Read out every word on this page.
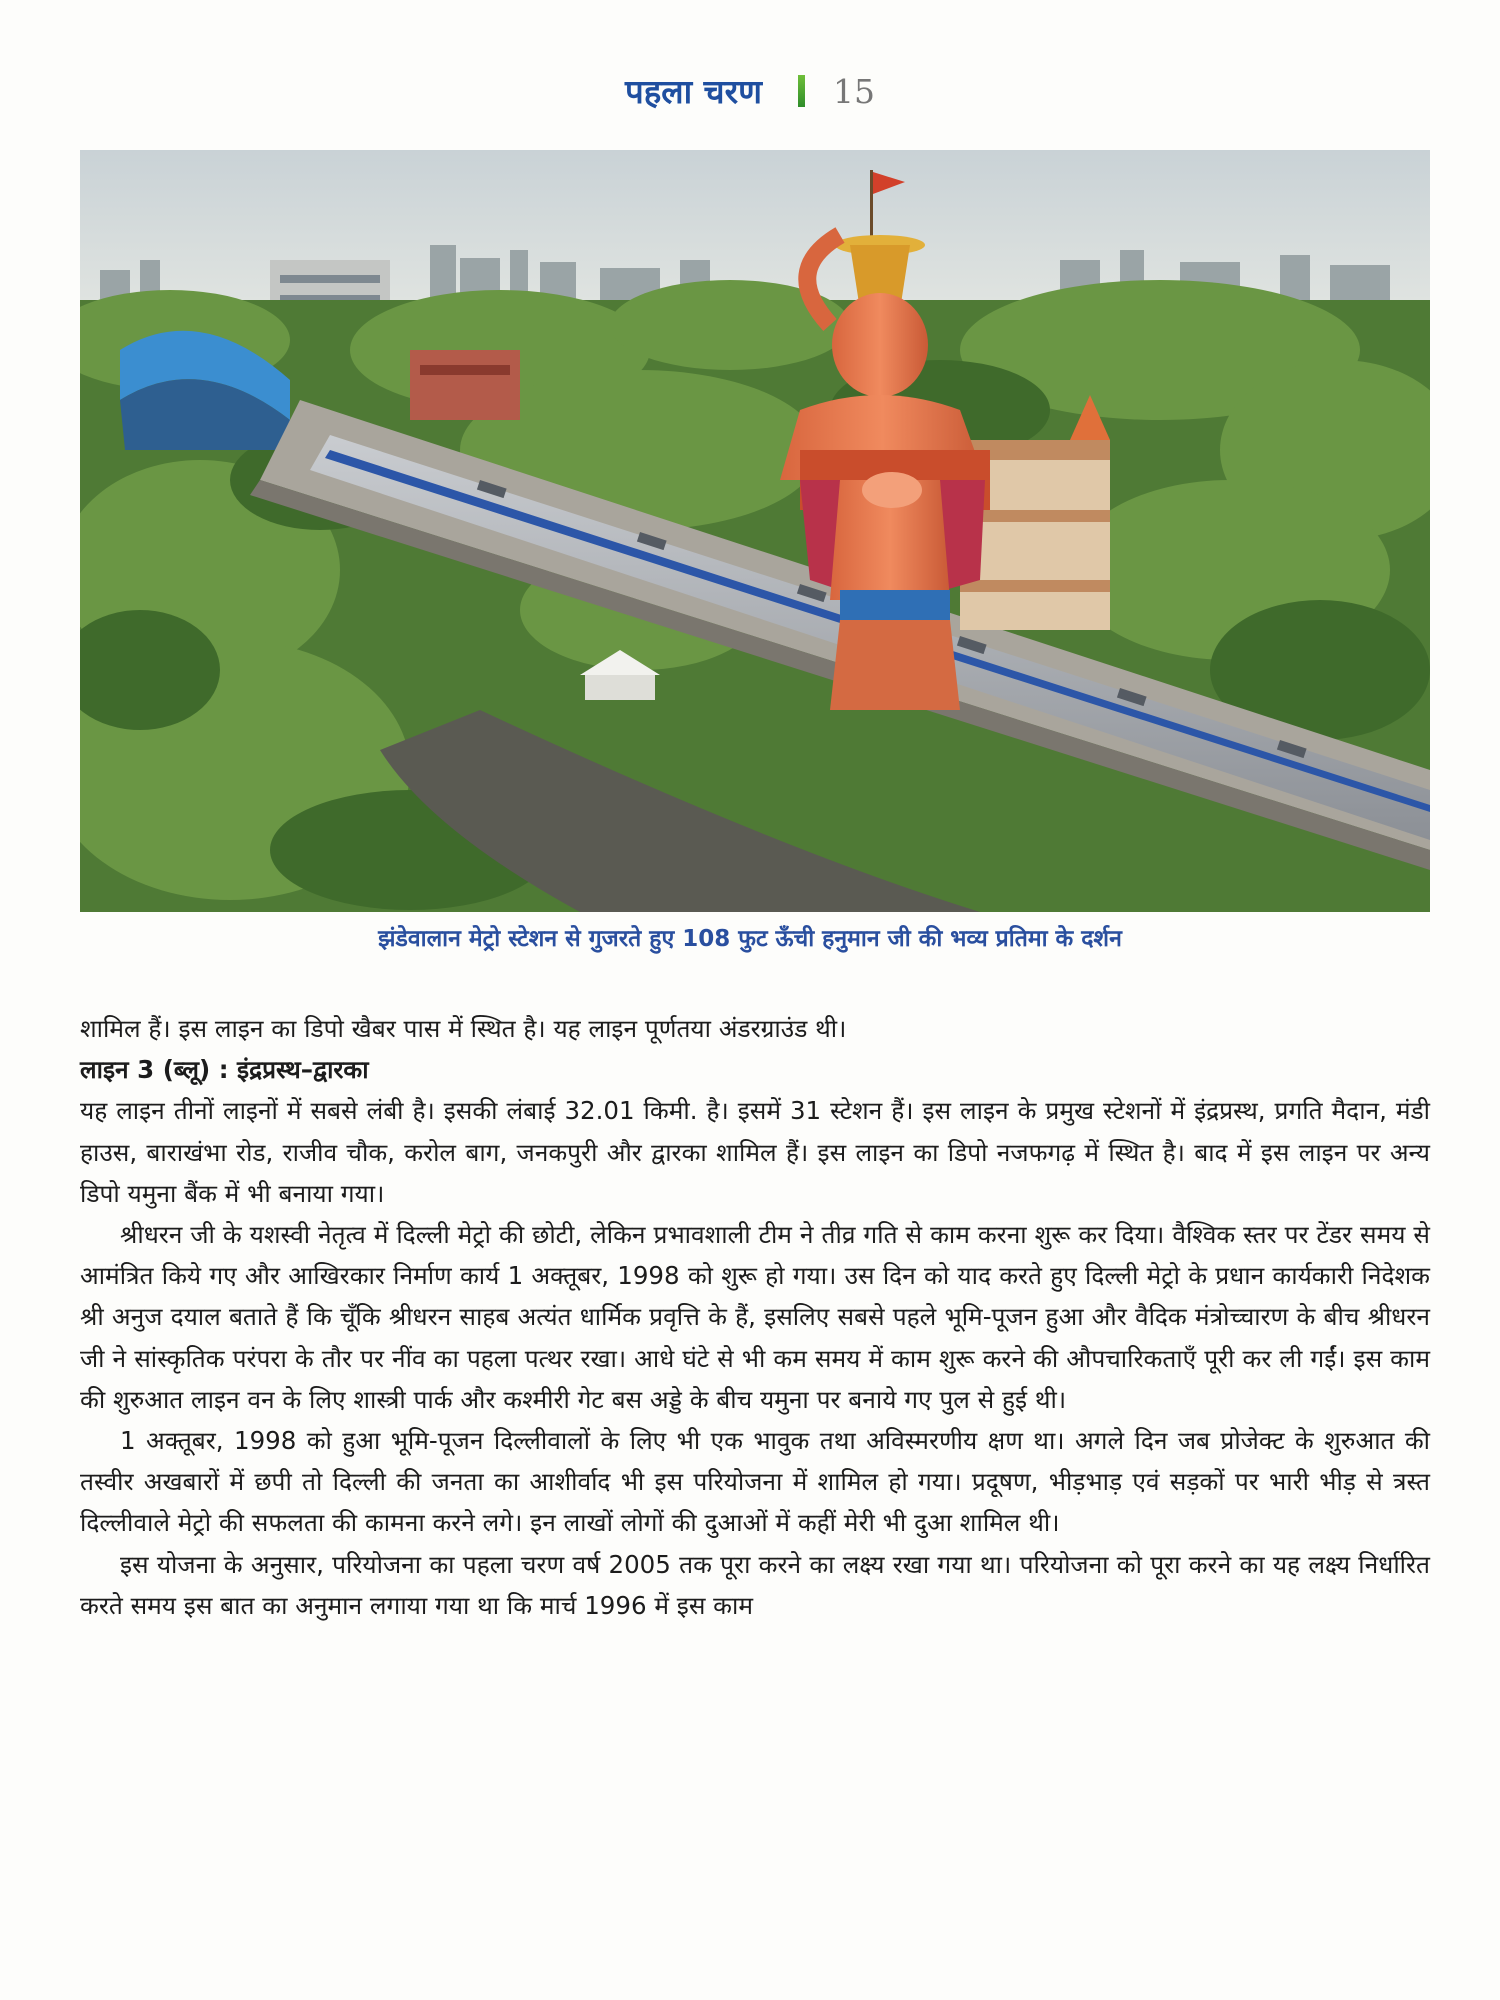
पहला चरण 15
झंडेवालान मेट्रो स्टेशन से गुजरते हुए 108 फुट ऊँची हनुमान जी की भव्य प्रतिमा के दर्शन

शामिल हैं। इस लाइन का डिपो खैबर पास में स्थित है। यह लाइन पूर्णतया अंडरग्राउंड थी।

लाइन 3 (ब्लू) : इंद्रप्रस्थ–द्वारका

यह लाइन तीनों लाइनों में सबसे लंबी है। इसकी लंबाई 32.01 किमी. है। इसमें 31 स्टेशन हैं। इस लाइन के प्रमुख स्टेशनों में इंद्रप्रस्थ, प्रगति मैदान, मंडी हाउस, बाराखंभा रोड, राजीव चौक, करोल बाग, जनकपुरी और द्वारका शामिल हैं। इस लाइन का डिपो नजफगढ़ में स्थित है। बाद में इस लाइन पर अन्य डिपो यमुना बैंक में भी बनाया गया।

श्रीधरन जी के यशस्वी नेतृत्व में दिल्ली मेट्रो की छोटी, लेकिन प्रभावशाली टीम ने तीव्र गति से काम करना शुरू कर दिया। वैश्विक स्तर पर टेंडर समय से आमंत्रित किये गए और आखिरकार निर्माण कार्य 1 अक्तूबर, 1998 को शुरू हो गया। उस दिन को याद करते हुए दिल्ली मेट्रो के प्रधान कार्यकारी निदेशक श्री अनुज दयाल बताते हैं कि चूँकि श्रीधरन साहब अत्यंत धार्मिक प्रवृत्ति के हैं, इसलिए सबसे पहले भूमि-पूजन हुआ और वैदिक मंत्रोच्चारण के बीच श्रीधरन जी ने सांस्कृतिक परंपरा के तौर पर नींव का पहला पत्थर रखा। आधे घंटे से भी कम समय में काम शुरू करने की औपचारिकताएँ पूरी कर ली गईं। इस काम की शुरुआत लाइन वन के लिए शास्त्री पार्क और कश्मीरी गेट बस अड्डे के बीच यमुना पर बनाये गए पुल से हुई थी।

1 अक्तूबर, 1998 को हुआ भूमि-पूजन दिल्लीवालों के लिए भी एक भावुक तथा अविस्मरणीय क्षण था। अगले दिन जब प्रोजेक्ट के शुरुआत की तस्वीर अखबारों में छपी तो दिल्ली की जनता का आशीर्वाद भी इस परियोजना में शामिल हो गया। प्रदूषण, भीड़भाड़ एवं सड़कों पर भारी भीड़ से त्रस्त दिल्लीवाले मेट्रो की सफलता की कामना करने लगे। इन लाखों लोगों की दुआओं में कहीं मेरी भी दुआ शामिल थी।

इस योजना के अनुसार, परियोजना का पहला चरण वर्ष 2005 तक पूरा करने का लक्ष्य रखा गया था। परियोजना को पूरा करने का यह लक्ष्य निर्धारित करते समय इस बात का अनुमान लगाया गया था कि मार्च 1996 में इस काम
